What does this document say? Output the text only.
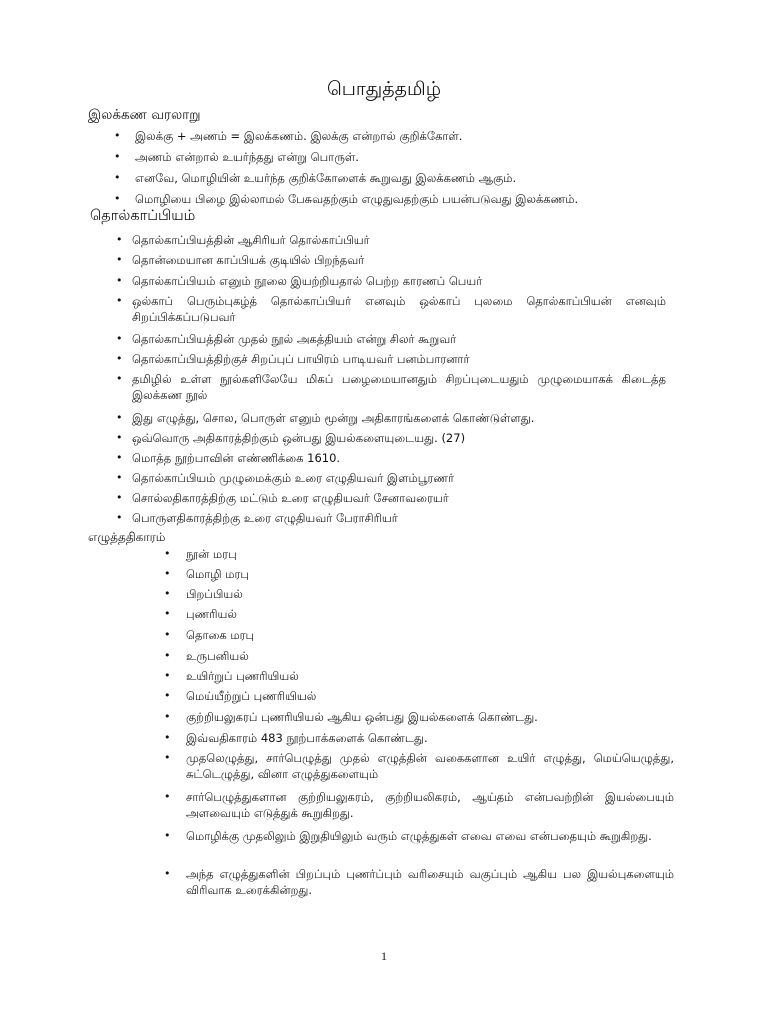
பொதுத்தமிழ்
இலக்கண வரலாறு
• இலக்கு + அணம் = இலக்கணம். இலக்கு என்றால் குறிக்கோள்.
• அணம் என்றால் உயர்ந்தது என்று பொருள்.
• எனவே, மொழியின் உயர்ந்த குறிக்கோளைக் கூறுவது இலக்கணம் ஆகும்.
• மொழியை பிழை இல்லாமல் பேசுவதற்கும் எழுதுவதற்கும் பயன்படுவது இலக்கணம்.
தொல்காப்பியம்
• தொல்காப்பியத்தின் ஆசிரியர் தொல்காப்பியர்
• தொன்மையான காப்பியக் குடியில் பிறந்தவர்
• தொல்காப்பியம் எனும் நூலை இயற்றியதால் பெற்ற காரணப் பெயர்
• ஒல்காப் பெரும்புகழ்த் தொல்காப்பியர் எனவும் ஒல்காப் புலமை தொல்காப்பியன் எனவும் சிறப்பிக்கப்படுபவர்
• தொல்காப்பியத்தின் முதல் நூல் அகத்தியம் என்று சிலர் கூறுவர்
• தொல்காப்பியத்திற்குச் சிறப்புப் பாயிரம் பாடியவர் பனம்பாரனார்
• தமிழில் உள்ள நூல்களிலேயே மிகப் பழைமையானதும் சிறப்புடையதும் முழுமையாகக் கிடைத்த இலக்கண நூல்
• இது எழுத்து, சொல, பொருள் எனும் மூன்று அதிகாரங்களைக் கொண்டுள்ளது.
• ஒவ்வொரு அதிகாரத்திற்கும் ஒன்பது இயல்களையுடையது. (27)
• மொத்த நூற்பாவின் எண்ணிக்கை 1610.
• தொல்காப்பியம் முழுமைக்கும் உரை எழுதியவர் இளம்பூரணர்
• சொல்லதிகாரத்திற்கு மட்டும் உரை எழுதியவர் சேனாவரையர்
• பொருளதிகாரத்திற்கு உரை எழுதியவர் பேராசிரியர்
எழுத்ததிகாரம்
• நூன் மரபு
• மொழி மரபு
• பிறப்பியல்
• புணரியல்
• தொகை மரபு
• உருபனியல்
• உயிர்றுப் புணரியியல்
• மெய்யீற்றுப் புணரியியல்
• குற்றியலுகரப் புணரியியல் ஆகிய ஒன்பது இயல்களைக் கொண்டது.
• இவ்வதிகாரம் 483 நூற்பாக்களைக் கொண்டது.
• முதலெழுத்து, சார்பெழுத்து முதல் எழுத்தின் வகைகளான உயிர் எழுத்து, மெய்யெழுத்து, சுட்டெழுத்து, வினா எழுத்துகளையும்
• சார்பெழுத்துகளான குற்றியலுகரம், குற்றியலிகரம், ஆய்தம் என்பவற்றின் இயல்பையும் அளவையும் எடுத்துக் கூறுகிறது.
• மொழிக்கு முதலிலும் இறுதியிலும் வரும் எழுத்துகள் எவை எவை என்பதையும் கூறுகிறது.
• அந்த எழுத்துகளின் பிறப்பும் புணர்ப்பும் வரிசையும் வகுப்பும் ஆகிய பல இயல்புகளையும் விரிவாக உரைக்கின்றது.
1
